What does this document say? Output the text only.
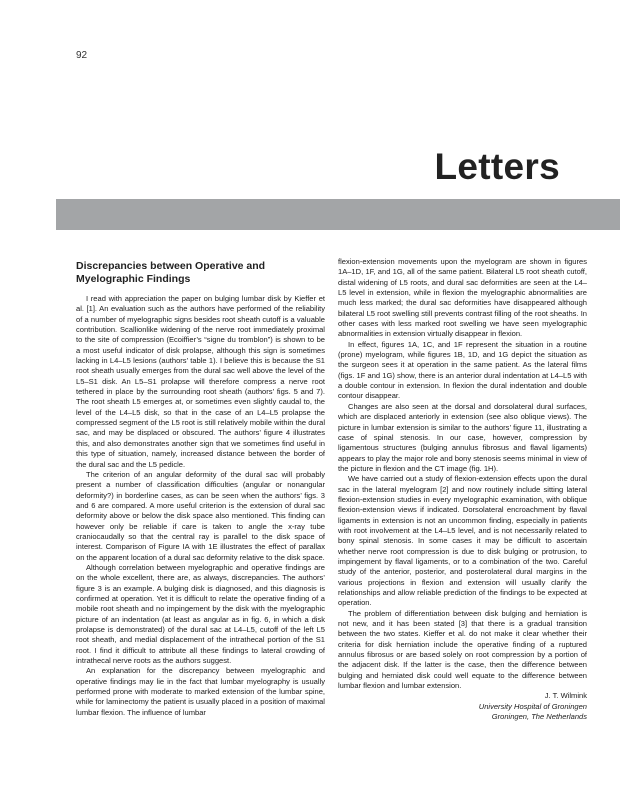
92
Letters
Discrepancies between Operative and Myelographic Findings

I read with appreciation the paper on bulging lumbar disk by Kieffer et al. [1]. An evaluation such as the authors have performed of the reliability of a number of myelographic signs besides root sheath cutoff is a valuable contribution. Scallionlike widening of the nerve root immediately proximal to the site of compression (Ecoiffier’s “signe du tromblon”) is shown to be a most useful indicator of disk prolapse, although this sign is sometimes lacking in L4–L5 lesions (authors’ table 1). I believe this is because the S1 root sheath usually emerges from the dural sac well above the level of the L5–S1 disk. An L5–S1 prolapse will therefore compress a nerve root tethered in place by the surrounding root sheath (authors’ figs. 5 and 7). The root sheath L5 emerges at, or sometimes even slightly caudal to, the level of the L4–L5 disk, so that in the case of an L4–L5 prolapse the compressed segment of the L5 root is still relatively mobile within the dural sac, and may be displaced or obscured. The authors’ figure 4 illustrates this, and also demonstrates another sign that we sometimes find useful in this type of situation, namely, increased distance between the border of the dural sac and the L5 pedicle.

The criterion of an angular deformity of the dural sac will probably present a number of classification difficulties (angular or nonangular deformity?) in borderline cases, as can be seen when the authors’ figs. 3 and 6 are compared. A more useful criterion is the extension of dural sac deformity above or below the disk space also mentioned. This finding can however only be reliable if care is taken to angle the x-ray tube craniocaudally so that the central ray is parallel to the disk space of interest. Comparison of Figure IA with 1E illustrates the effect of parallax on the apparent location of a dural sac deformity relative to the disk space.

Although correlation between myelographic and operative findings are on the whole excellent, there are, as always, discrepancies. The authors’ figure 3 is an example. A bulging disk is diagnosed, and this diagnosis is confirmed at operation. Yet it is difficult to relate the operative finding of a mobile root sheath and no impingement by the disk with the myelographic picture of an indentation (at least as angular as in fig. 6, in which a disk prolapse is demonstrated) of the dural sac at L4–L5, cutoff of the left L5 root sheath, and medial displacement of the intrathecal portion of the S1 root. I find it difficult to attribute all these findings to lateral crowding of intrathecal nerve roots as the authors suggest.

An explanation for the discrepancy between myelographic and operative findings may lie in the fact that lumbar myelography is usually performed prone with moderate to marked extension of the lumbar spine, while for laminectomy the patient is usually placed in a position of maximal lumbar flexion. The influence of lumbar

flexion-extension movements upon the myelogram are shown in figures 1A–1D, 1F, and 1G, all of the same patient. Bilateral L5 root sheath cutoff, distal widening of L5 roots, and dural sac deformities are seen at the L4–L5 level in extension, while in flexion the myelographic abnormalities are much less marked; the dural sac deformities have disappeared although bilateral L5 root swelling still prevents contrast filling of the root sheaths. In other cases with less marked root swelling we have seen myelographic abnormalities in extension virtually disappear in flexion.

In effect, figures 1A, 1C, and 1F represent the situation in a routine (prone) myelogram, while figures 1B, 1D, and 1G depict the situation as the surgeon sees it at operation in the same patient. As the lateral films (figs. 1F and 1G) show, there is an anterior dural indentation at L4–L5 with a double contour in extension. In flexion the dural indentation and double contour disappear.

Changes are also seen at the dorsal and dorsolateral dural surfaces, which are displaced anteriorly in extension (see also oblique views). The picture in lumbar extension is similar to the authors’ figure 11, illustrating a case of spinal stenosis. In our case, however, compression by ligamentous structures (bulging annulus fibrosus and flaval ligaments) appears to play the major role and bony stenosis seems minimal in view of the picture in flexion and the CT image (fig. 1H).

We have carried out a study of flexion-extension effects upon the dural sac in the lateral myelogram [2] and now routinely include sitting lateral flexion-extension studies in every myelographic examination, with oblique flexion-extension views if indicated. Dorsolateral encroachment by flaval ligaments in extension is not an uncommon finding, especially in patients with root involvement at the L4–L5 level, and is not necessarily related to bony spinal stenosis. In some cases it may be difficult to ascertain whether nerve root compression is due to disk bulging or protrusion, to impingement by flaval ligaments, or to a combination of the two. Careful study of the anterior, posterior, and posterolateral dural margins in the various projections in flexion and extension will usually clarify the relationships and allow reliable prediction of the findings to be expected at operation.

The problem of differentiation between disk bulging and herniation is not new, and it has been stated [3] that there is a gradual transition between the two states. Kieffer et al. do not make it clear whether their criteria for disk herniation include the operative finding of a ruptured annulus fibrosus or are based solely on root compression by a portion of the adjacent disk. If the latter is the case, then the difference between bulging and herniated disk could well equate to the difference between lumbar flexion and lumbar extension.

J. T. Wilmink
University Hospital of Groningen
Groningen, The Netherlands
